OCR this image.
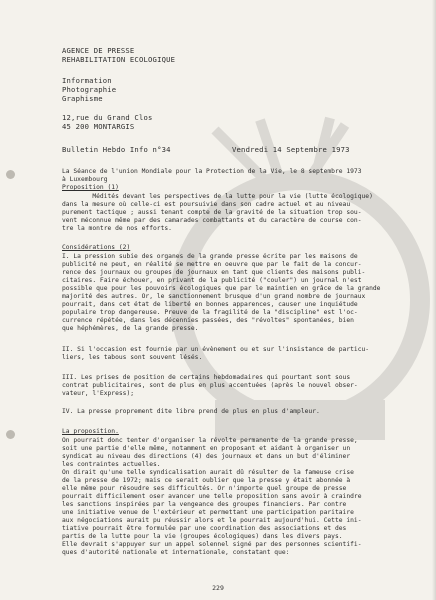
AGENCE DE PRESSE
REHABILITATION ECOLOGIQUE
Information
Photographie
Graphisme
12,rue du Grand Clos
45 200 MONTARGIS
Bulletin Hebdo Info n°34	Vendredi 14 Septembre 1973
La Séance de l'union Mondiale pour la Protection de la Vie, le 8 septembre 1973
à Luxembourg
Proposition (1)
Médités devant les perspectives de la lutte pour la vie (lutte écologique)
dans la mesure où celle-ci est poursuivie dans son cadre actuel et au niveau
purement tactique ; aussi tenant compte de la gravité de la situation trop sou-
vent méconnue même par des camarades combattants et du caractère de course con-
tre la montre de nos efforts.
Considérations (2)
I. La pression subie des organes de la grande presse écrite par les maisons de
publicité ne peut, en réalité se mettre en oeuvre que par le fait de la concur-
rence des journaux ou groupes de journaux en tant que clients des maisons publi-
citaires. Faire échouer, en privant de la publicité ("couler") un journal n'est
possible que pour les pouvoirs écologiques que par le maintien en grâce de la grande
majorité des autres. Or, le sanctionnement brusque d'un grand nombre de journaux
pourrait, dans cet état de liberté en bonnes apparences, causer une inquiétude
populaire trop dangereuse. Preuve de la fragilité de la "discipline" est l'oc-
currence répétée, dans les décennies passées, des "révoltes" spontanées, bien
que héphémères, de la grande presse.
II. Si l'occasion est fournie par un évènement ou et sur l'insistance de particu-
liers, les tabous sont souvent lésés.
III. Les prises de position de certains hebdomadaires qui pourtant sont sous
contrat publicitaires, sont de plus en plus accentuées (après le nouvel obser-
vateur, l'Express);
IV. La presse proprement dite libre prend de plus en plus d'ampleur.
La proposition.
On pourrait donc tenter d'organiser la révolte permanente de la grande presse,
soit une partie d'elle même, notamment en proposant et aidant à organiser un
syndicat au niveau des directions (4) des journaux et dans un but d'éliminer
les contraintes actuelles.
On dirait qu'une telle syndicalisation aurait dû résulter de la fameuse crise
de la presse de 1972; mais ce serait oublier que la presse y était abonnée à
elle même pour résoudre ses difficultés. Or n'importe quel groupe de presse
pourrait difficilement oser avancer une telle proposition sans avoir à craindre
les sanctions inspirées par la vengeance des groupes financiers. Par contre
une initiative venue de l'extérieur et permettant une participation paritaire
aux négociations aurait pu réussir alors et le pourrait aujourd'hui. Cette ini-
tiative pourrait être formulée par une coordination des associations et des
partis de la lutte pour la vie (groupes écologiques) dans les divers pays.
Elle devrait s'appuyer sur un appel solennel signé par des personnes scientifi-
ques d'autorité nationale et internationale, constatant que:
229
